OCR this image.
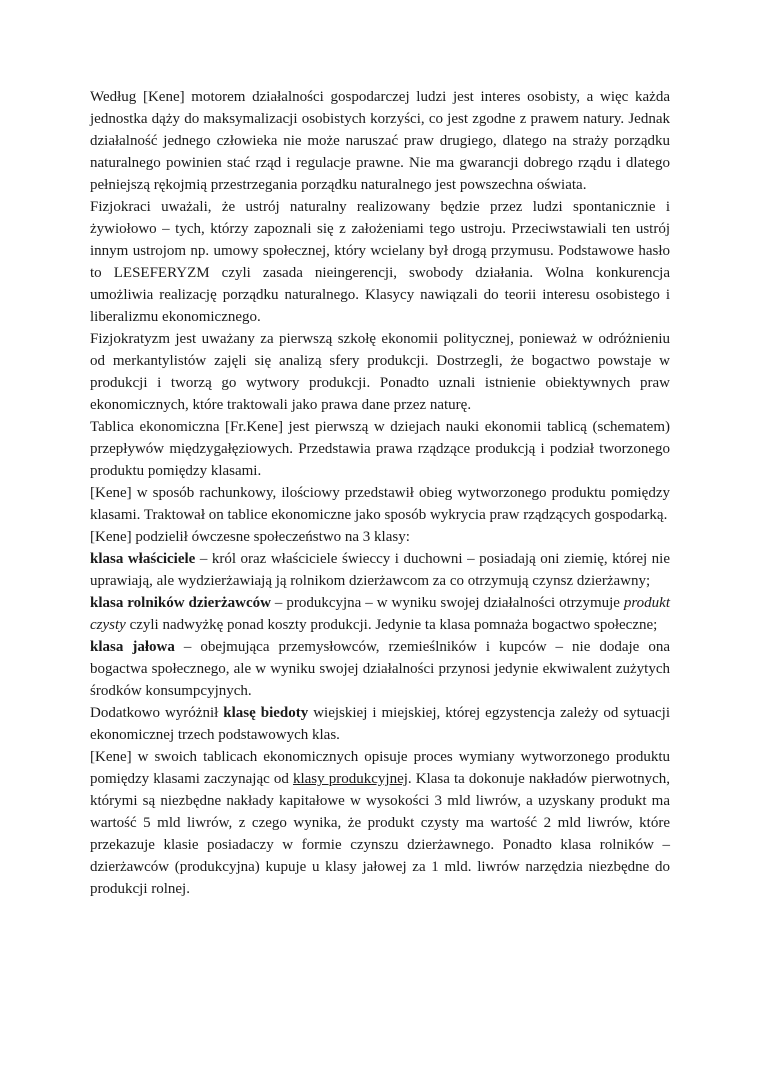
Według [Kene] motorem działalności gospodarczej ludzi jest interes osobisty, a więc każda jednostka dąży do maksymalizacji osobistych korzyści, co jest zgodne z prawem natury. Jednak działalność jednego człowieka nie może naruszać praw drugiego, dlatego na straży porządku naturalnego powinien stać rząd i regulacje prawne. Nie ma gwarancji dobrego rządu i dlatego pełniejszą rękojmią przestrzegania porządku naturalnego jest powszechna oświata.

Fizjokraci uważali, że ustrój naturalny realizowany będzie przez ludzi spontanicznie i żywiołowo – tych, którzy zapoznali się z założeniami tego ustroju. Przeciwstawiali ten ustrój innym ustrojom np. umowy społecznej, który wcielany był drogą przymusu. Podstawowe hasło to LESEFERYZM czyli zasada nieingerencji, swobody działania. Wolna konkurencja umożliwia realizację porządku naturalnego. Klasycy nawiązali do teorii interesu osobistego i liberalizmu ekonomicznego.

Fizjokratyzm jest uważany za pierwszą szkołę ekonomii politycznej, ponieważ w odróżnieniu od merkantylistów zajęli się analizą sfery produkcji. Dostrzegli, że bogactwo powstaje w produkcji i tworzą go wytwory produkcji. Ponadto uznali istnienie obiektywnych praw ekonomicznych, które traktowali jako prawa dane przez naturę.

Tablica ekonomiczna [Fr.Kene] jest pierwszą w dziejach nauki ekonomii tablicą (schematem) przepływów międzygałęziowych. Przedstawia prawa rządzące produkcją i podział tworzonego produktu pomiędzy klasami.

[Kene] w sposób rachunkowy, ilościowy przedstawił obieg wytworzonego produktu pomiędzy klasami. Traktował on tablice ekonomiczne jako sposób wykrycia praw rządzących gospodarką.

[Kene] podzielił ówczesne społeczeństwo na 3 klasy:

klasa właściciele – król oraz właściciele świeccy i duchowni – posiadają oni ziemię, której nie uprawiają, ale wydzierżawiają ją rolnikom dzierżawcom za co otrzymują czynsz dzierżawny;

klasa rolników dzierżawców – produkcyjna – w wyniku swojej działalności otrzymuje produkt czysty czyli nadwyżkę ponad koszty produkcji. Jedynie ta klasa pomnaża bogactwo społeczne;

klasa jałowa – obejmująca przemysłowców, rzemieślników i kupców – nie dodaje ona bogactwa społecznego, ale w wyniku swojej działalności przynosi jedynie ekwiwalent zużytych środków konsumpcyjnych.

Dodatkowo wyróżnił klasę biedoty wiejskiej i miejskiej, której egzystencja zależy od sytuacji ekonomicznej trzech podstawowych klas.

[Kene] w swoich tablicach ekonomicznych opisuje proces wymiany wytworzonego produktu pomiędzy klasami zaczynając od klasy produkcyjnej. Klasa ta dokonuje nakładów pierwotnych, którymi są niezbędne nakłady kapitałowe w wysokości 3 mld liwrów, a uzyskany produkt ma wartość 5 mld liwrów, z czego wynika, że produkt czysty ma wartość 2 mld liwrów, które przekazuje klasie posiadaczy w formie czynszu dzierżawnego. Ponadto klasa rolników – dzierżawców (produkcyjna) kupuje u klasy jałowej za 1 mld. liwrów narzędzia niezbędne do produkcji rolnej.
